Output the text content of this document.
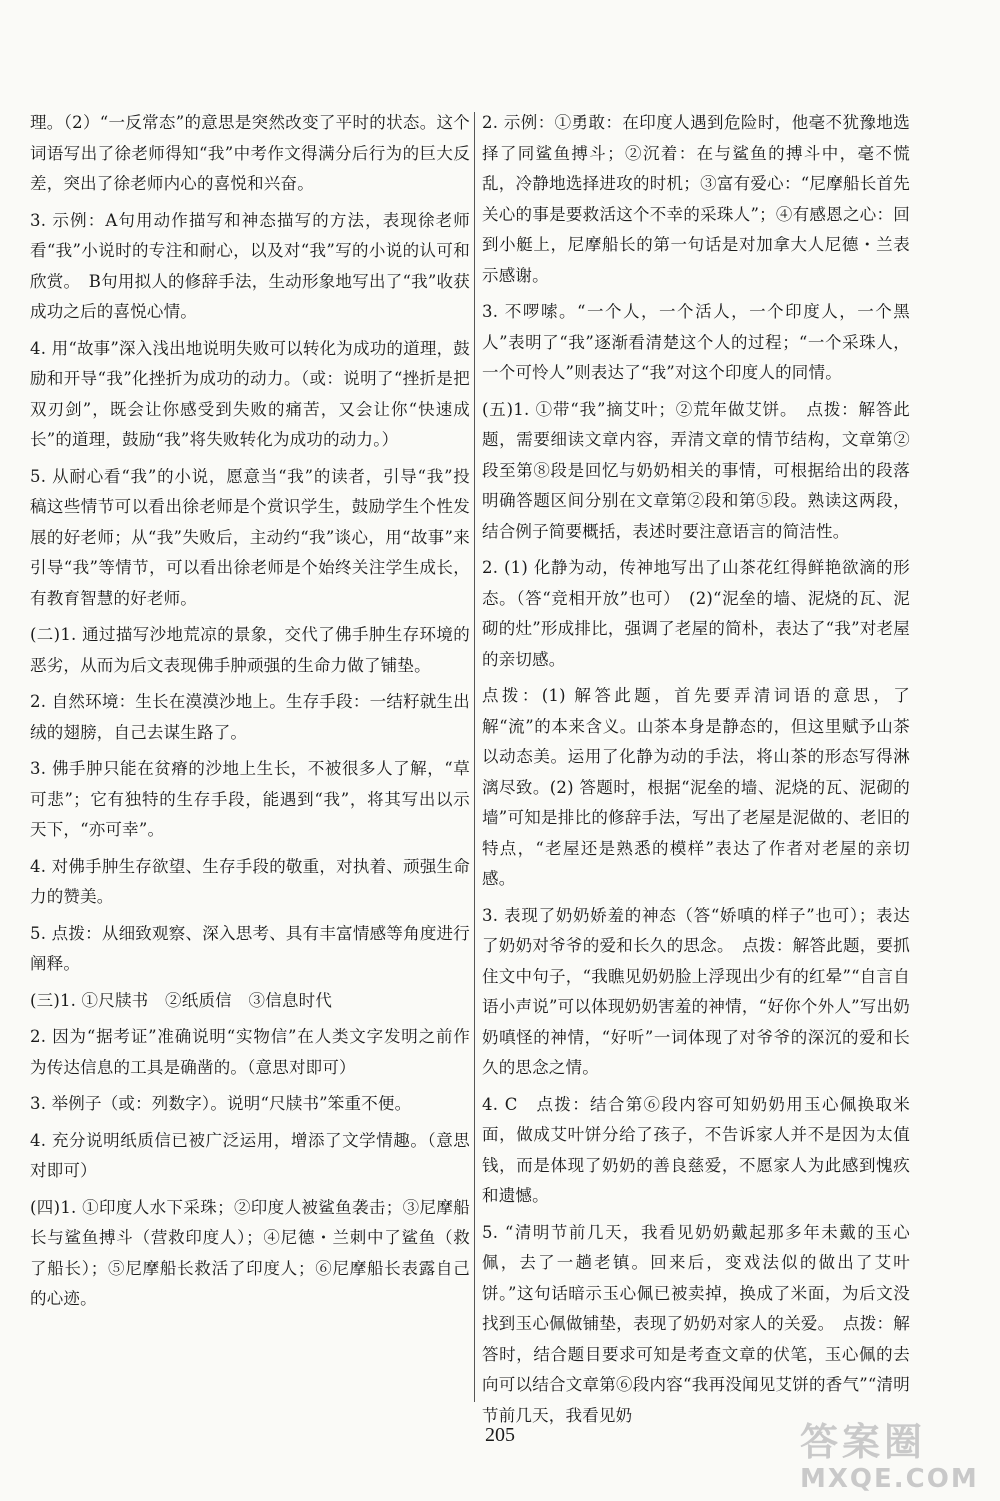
理。（2）“一反常态”的意思是突然改变了平时的状态。这个词语写出了徐老师得知“我”中考作文得满分后行为的巨大反差，突出了徐老师内心的喜悦和兴奋。

3. 示例：A句用动作描写和神态描写的方法，表现徐老师看“我”小说时的专注和耐心，以及对“我”写的小说的认可和欣赏。　B句用拟人的修辞手法，生动形象地写出了“我”收获成功之后的喜悦心情。

4. 用“故事”深入浅出地说明失败可以转化为成功的道理，鼓励和开导“我”化挫折为成功的动力。（或：说明了“挫折是把双刃剑”，既会让你感受到失败的痛苦，又会让你“快速成长”的道理，鼓励“我”将失败转化为成功的动力。）

5. 从耐心看“我”的小说，愿意当“我”的读者，引导“我”投稿这些情节可以看出徐老师是个赏识学生，鼓励学生个性发展的好老师；从“我”失败后，主动约“我”谈心，用“故事”来引导“我”等情节，可以看出徐老师是个始终关注学生成长，有教育智慧的好老师。

(二)1. 通过描写沙地荒凉的景象，交代了佛手肿生存环境的恶劣，从而为后文表现佛手肿顽强的生命力做了铺垫。

2. 自然环境：生长在漠漠沙地上。生存手段：一结籽就生出绒的翅膀，自己去谋生路了。

3. 佛手肿只能在贫瘠的沙地上生长，不被很多人了解，“草可悲”；它有独特的生存手段，能遇到“我”，将其写出以示天下，“亦可幸”。

4. 对佛手肿生存欲望、生存手段的敬重，对执着、顽强生命力的赞美。

5. 点拨：从细致观察、深入思考、具有丰富情感等角度进行阐释。

(三)1. ①尺牍书　②纸质信　③信息时代

2. 因为“据考证”准确说明“实物信”在人类文字发明之前作为传达信息的工具是确凿的。（意思对即可）

3. 举例子（或：列数字）。说明“尺牍书”笨重不便。

4. 充分说明纸质信已被广泛运用，增添了文学情趣。（意思对即可）

(四)1. ①印度人水下采珠；②印度人被鲨鱼袭击；③尼摩船长与鲨鱼搏斗（营救印度人）；④尼德・兰刺中了鲨鱼（救了船长）；⑤尼摩船长救活了印度人；⑥尼摩船长表露自己的心迹。

2. 示例：①勇敢：在印度人遇到危险时，他毫不犹豫地选择了同鲨鱼搏斗；②沉着：在与鲨鱼的搏斗中，毫不慌乱，冷静地选择进攻的时机；③富有爱心：“尼摩船长首先关心的事是要救活这个不幸的采珠人”；④有感恩之心：回到小艇上，尼摩船长的第一句话是对加拿大人尼德・兰表示感谢。

3. 不啰嗦。“一个人，一个活人，一个印度人，一个黑人”表明了“我”逐渐看清楚这个人的过程；“一个采珠人，一个可怜人”则表达了“我”对这个印度人的同情。

(五)1. ①带“我”摘艾叶；②荒年做艾饼。　点拨：解答此题，需要细读文章内容，弄清文章的情节结构，文章第②段至第⑧段是回忆与奶奶相关的事情，可根据给出的段落明确答题区间分别在文章第②段和第⑤段。熟读这两段，结合例子简要概括，表述时要注意语言的简洁性。

2. (1) 化静为动，传神地写出了山茶花红得鲜艳欲滴的形态。（答“竞相开放”也可）　(2)“泥垒的墙、泥烧的瓦、泥砌的灶”形成排比，强调了老屋的简朴，表达了“我”对老屋的亲切感。

点拨：(1) 解答此题，首先要弄清词语的意思，了解“流”的本来含义。山茶本身是静态的，但这里赋予山茶以动态美。运用了化静为动的手法，将山茶的形态写得淋漓尽致。(2) 答题时，根据“泥垒的墙、泥烧的瓦、泥砌的墙”可知是排比的修辞手法，写出了老屋是泥做的、老旧的特点，“老屋还是熟悉的模样”表达了作者对老屋的亲切感。

3. 表现了奶奶娇羞的神态（答“娇嗔的样子”也可）；表达了奶奶对爷爷的爱和长久的思念。　点拨：解答此题，要抓住文中句子，“我瞧见奶奶脸上浮现出少有的红晕”“自言自语小声说”可以体现奶奶害羞的神情，“好你个外人”写出奶奶嗔怪的神情，“好听”一词体现了对爷爷的深沉的爱和长久的思念之情。

4. C　点拨：结合第⑥段内容可知奶奶用玉心佩换取米面，做成艾叶饼分给了孩子，不告诉家人并不是因为太值钱，而是体现了奶奶的善良慈爱，不愿家人为此感到愧疚和遗憾。

5. “清明节前几天，我看见奶奶戴起那多年未戴的玉心佩，去了一趟老镇。回来后，变戏法似的做出了艾叶饼。”这句话暗示玉心佩已被卖掉，换成了米面，为后文没找到玉心佩做铺垫，表现了奶奶对家人的关爱。　点拨：解答时，结合题目要求可知是考查文章的伏笔，玉心佩的去向可以结合文章第⑥段内容“我再没闻见艾饼的香气”“清明节前几天，我看见奶

205	答案圈
MXQE.COM
